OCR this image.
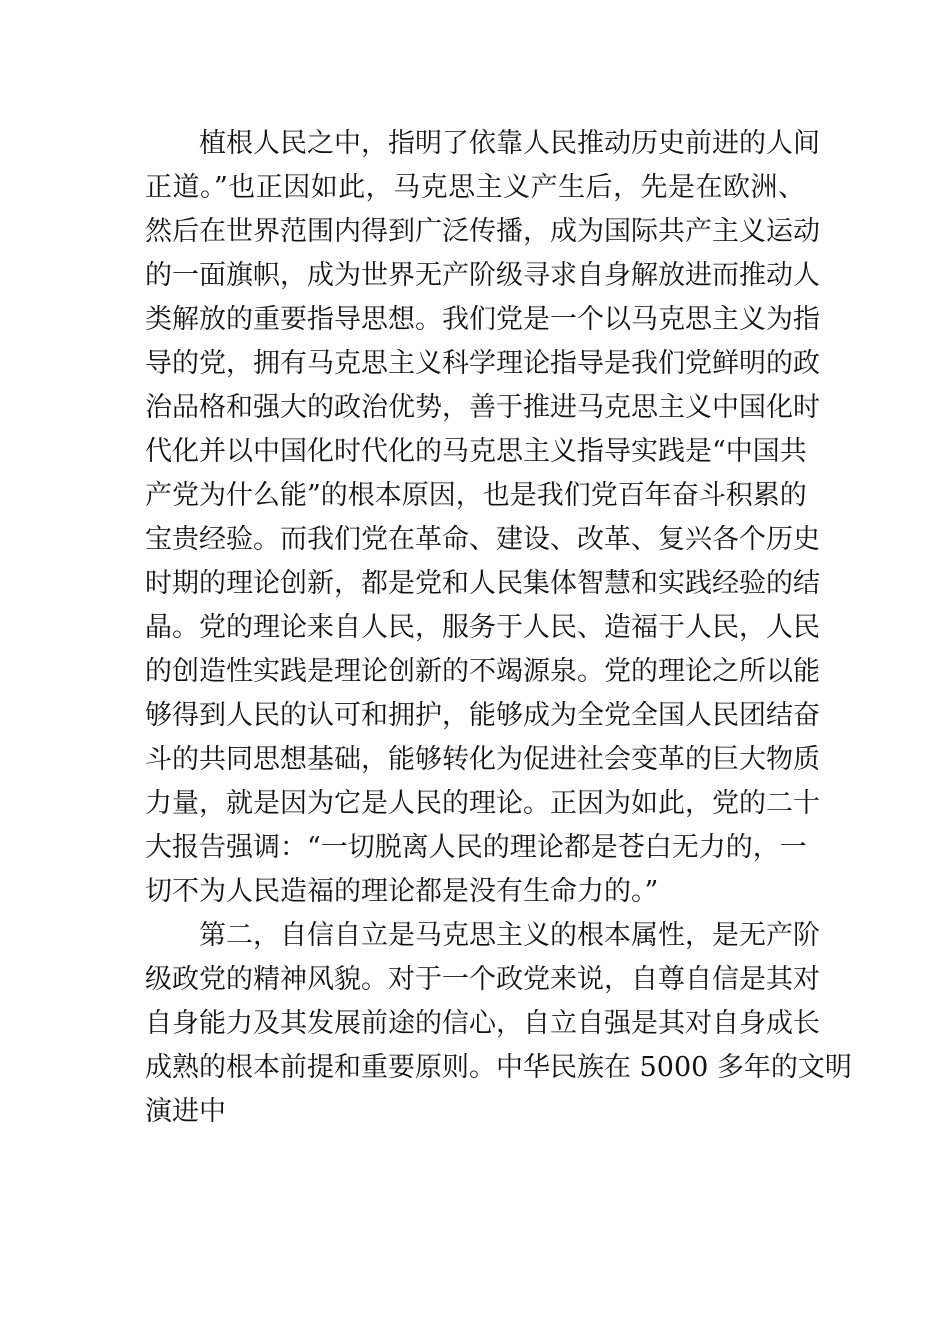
植根人民之中，指明了依靠人民推动历史前进的人间
正道。”也正因如此，马克思主义产生后，先是在欧洲、
然后在世界范围内得到广泛传播，成为国际共产主义运动
的一面旗帜，成为世界无产阶级寻求自身解放进而推动人
类解放的重要指导思想。我们党是一个以马克思主义为指
导的党，拥有马克思主义科学理论指导是我们党鲜明的政
治品格和强大的政治优势，善于推进马克思主义中国化时
代化并以中国化时代化的马克思主义指导实践是“中国共
产党为什么能”的根本原因，也是我们党百年奋斗积累的
宝贵经验。而我们党在革命、建设、改革、复兴各个历史
时期的理论创新，都是党和人民集体智慧和实践经验的结
晶。党的理论来自人民，服务于人民、造福于人民，人民
的创造性实践是理论创新的不竭源泉。党的理论之所以能
够得到人民的认可和拥护，能够成为全党全国人民团结奋
斗的共同思想基础，能够转化为促进社会变革的巨大物质
力量，就是因为它是人民的理论。正因为如此，党的二十
大报告强调：“一切脱离人民的理论都是苍白无力的，一
切不为人民造福的理论都是没有生命力的。”
第二，自信自立是马克思主义的根本属性，是无产阶
级政党的精神风貌。对于一个政党来说，自尊自信是其对
自身能力及其发展前途的信心，自立自强是其对自身成长
成熟的根本前提和重要原则。中华民族在 5000 多年的文明
演进中
